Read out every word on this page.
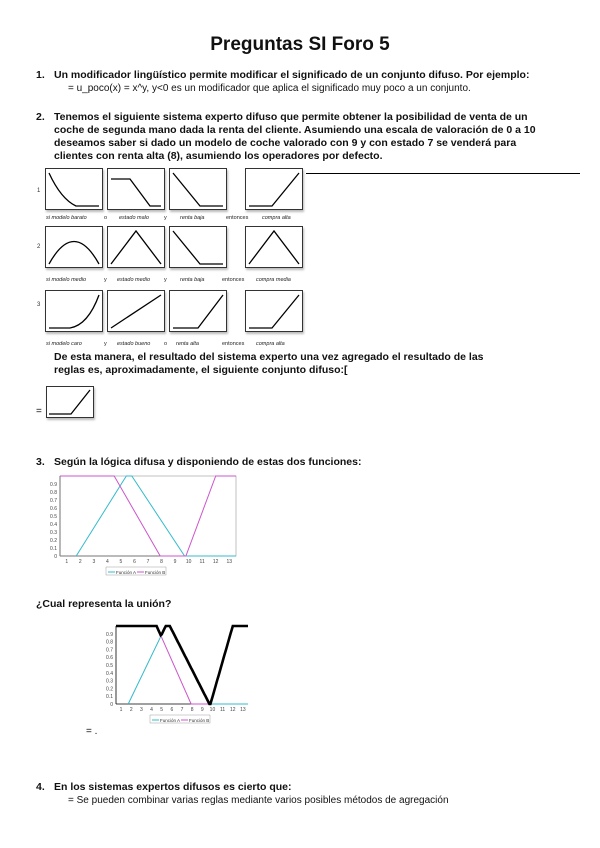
Preguntas SI Foro 5
1. Un modificador lingüístico permite modificar el significado de un conjunto difuso. Por ejemplo:
= u_poco(x) = x^y, y<0 es un modificador que aplica el significado muy poco a un conjunto.
2. Tenemos el siguiente sistema experto difuso que permite obtener la posibilidad de venta de un
coche de segunda mano dada la renta del cliente. Asumiendo una escala de valoración de 0 a 10
deseamos saber si dado un modelo de coche valorado con 9 y con estado 7 se venderá para
clientes con renta alta (8), asumiendo los operadores por defecto.
1
2
3
si modelo barato	o estado malo	y renta baja	entonces compra alta
si modelo medio	y estado medio	y renta baja	entonces compra media
si modelo caro	y estado bueno o renta alta	entonces compra alta
De esta manera, el resultado del sistema experto una vez agregado el resultado de las
reglas es, aproximadamente, el siguiente conjunto difuso:[
=
3. Según la lógica difusa y disponiendo de estas dos funciones:
0.9
0.8
0.7
0.6
0.5
0.4
0.3
0.2
0.1
0
1 2 3 4 5 6 7 8 9 10 11 12 13
Función A Función B
¿Cual representa la unión?
0.9
0.8
0.7
0.6
0.5
0.4
0.3
0.2
0.1
0
1 2 3 4 5 6 7 8 9 10 11 12 13
Función A Función B
= .
4. En los sistemas expertos difusos es cierto que:
= Se pueden combinar varias reglas mediante varios posibles métodos de agregación
